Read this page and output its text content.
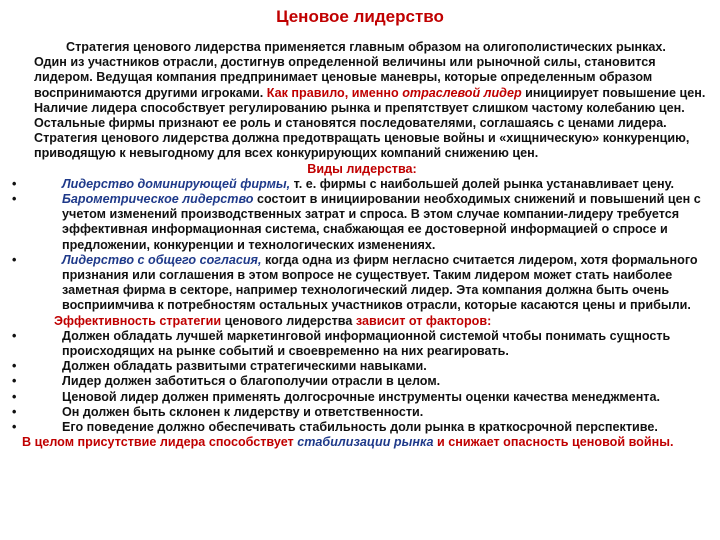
Ценовое лидерство

Стратегия ценового лидерства применяется главным образом на олигополистических рынках.

Один из участников отрасли, достигнув определенной величины или рыночной силы, становится лидером. Ведущая компания предпринимает ценовые маневры, которые определенным образом воспринимаются другими игроками. Как правило, именно отраслевой лидер инициирует повышение цен. Наличие лидера способствует регулированию рынка и препятствует слишком частому колебанию цен. Остальные фирмы признают ее роль и становятся последователями, соглашаясь с ценами лидера. Стратегия ценового лидерства должна предотвращать ценовые войны и «хищническую» конкуренцию, приводящую к невыгодному для всех конкурирующих компаний снижению цен.

Виды лидерства:

•	Лидерство доминирующей фирмы, т. е. фирмы с наибольшей долей рынка устанавливает цену.

•	Барометрическое лидерство состоит в инициировании необходимых снижений и повышений цен с учетом изменений производственных затрат и спроса. В этом случае компании-лидеру требуется эффективная информационная система, снабжающая ее достоверной информацией о спросе и предложении, конкуренции и технологических изменениях.

•	Лидерство с общего согласия, когда одна из фирм негласно считается лидером, хотя формального признания или соглашения в этом вопросе не существует. Таким лидером может стать наиболее заметная фирма в секторе, например технологический лидер. Эта компания должна быть очень восприимчива к потребностям остальных участников отрасли, которые касаются цены и прибыли.

Эффективность стратегии ценового лидерства зависит от факторов:

•	Должен обладать лучшей маркетинговой информационной системой чтобы понимать сущность происходящих на рынке событий и своевременно на них реагировать.

•	Должен обладать развитыми стратегическими навыками.

•	Лидер должен заботиться о благополучии отрасли в целом.

•	Ценовой лидер должен применять долгосрочные инструменты оценки качества менеджмента.

•	Он должен быть склонен к лидерству и ответственности.

•	Его поведение должно обеспечивать стабильность доли рынка в краткосрочной перспективе.

В целом присутствие лидера способствует стабилизации рынка и снижает опасность ценовой войны.
